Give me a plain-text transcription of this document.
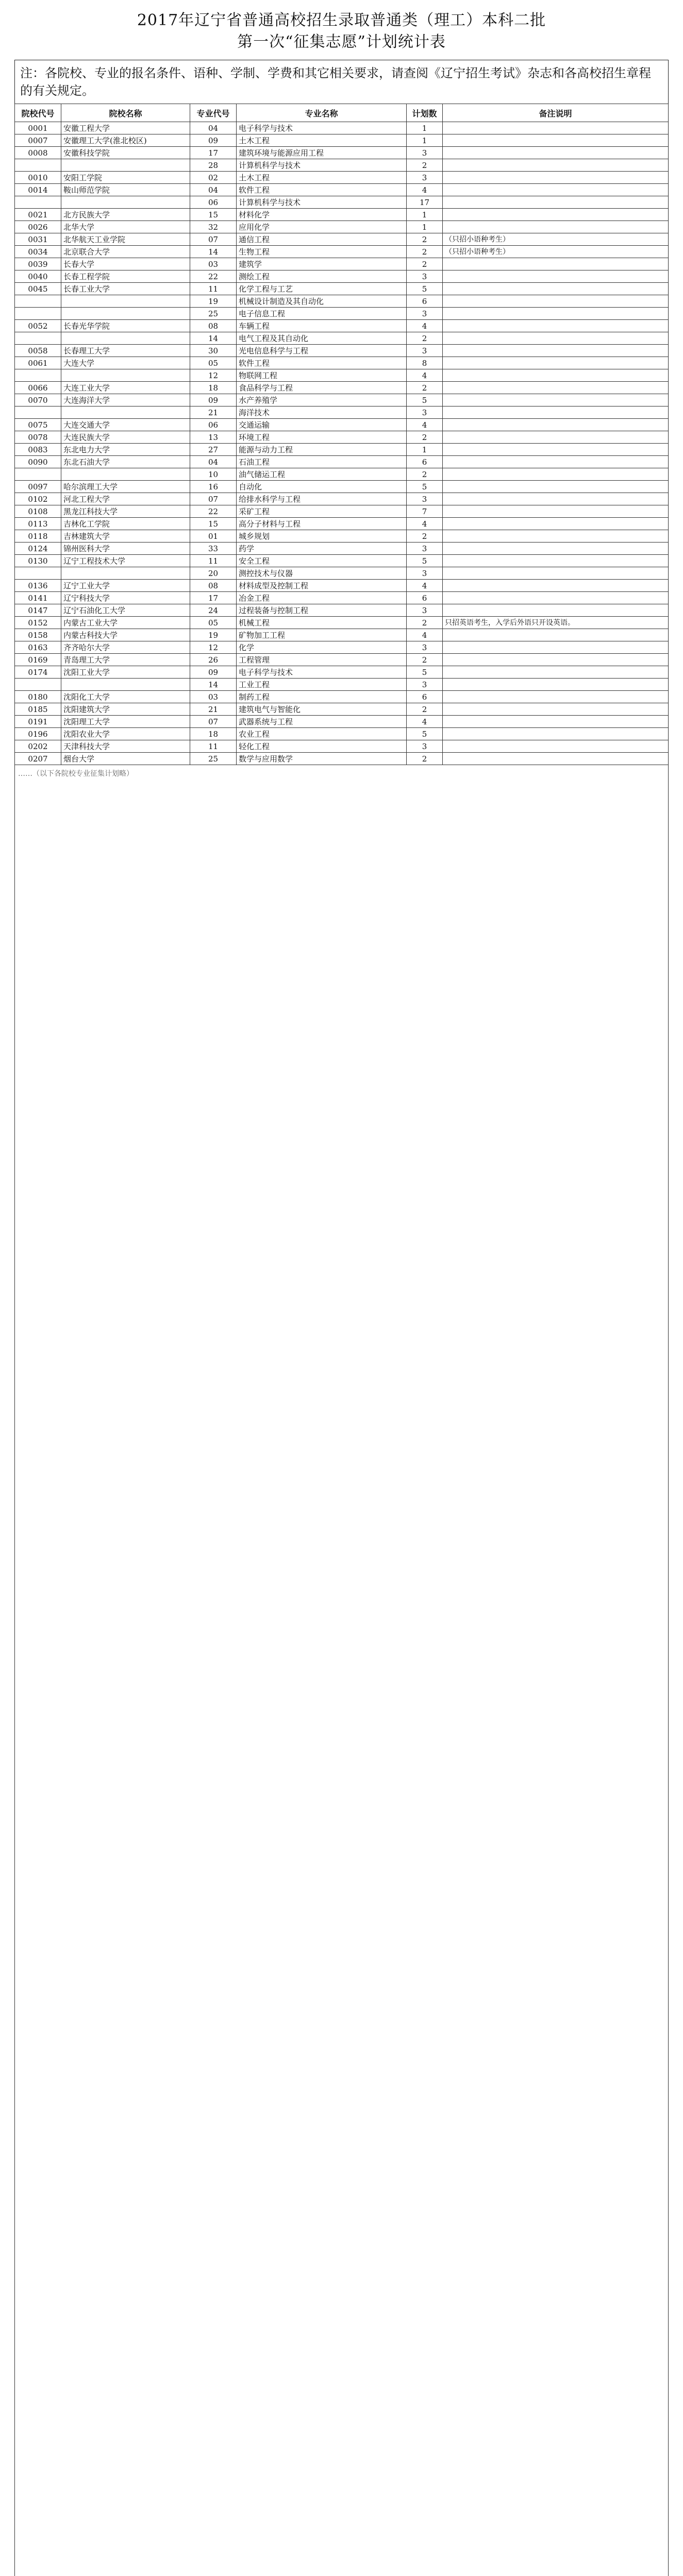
2017年辽宁省普通高校招生录取普通类（理工）本科二批
第一次“征集志愿”计划统计表
注：各院校、专业的报名条件、语种、学制、学费和其它相关要求，请查阅《辽宁招生考试》杂志和各高校招生章程的有关规定。
院校代号	院校名称	专业代号	专业名称	计划数	备注说明
0001	安徽工程大学	04	电子科学与技术	1	
0007	安徽理工大学(淮北校区)	09	土木工程	1	
0008	安徽科技学院	17	建筑环境与能源应用工程	3	
		28	计算机科学与技术	2	
0010	安阳工学院	02	土木工程	3	
0014	鞍山师范学院	04	软件工程	4	
		06	计算机科学与技术	17	
0021	北方民族大学	15	材料化学	1	
0026	北华大学	32	应用化学	1	
0031	北华航天工业学院	07	通信工程	2	（只招小语种考生）
0034	北京联合大学	14	生物工程	2	（只招小语种考生）
0039	长春大学	03	建筑学	2	
0040	长春工程学院	22	测绘工程	3	
0045	长春工业大学	11	化学工程与工艺	5	
		19	机械设计制造及其自动化	6	
		25	电子信息工程	3	
0052	长春光华学院	08	车辆工程	4	
		14	电气工程及其自动化	2	
0058	长春理工大学	30	光电信息科学与工程	3	
0061	大连大学	05	软件工程	8	
		12	物联网工程	4	
0066	大连工业大学	18	食品科学与工程	2	
0070	大连海洋大学	09	水产养殖学	5	
		21	海洋技术	3	
0075	大连交通大学	06	交通运输	4	
0078	大连民族大学	13	环境工程	2	
0083	东北电力大学	27	能源与动力工程	1	
0090	东北石油大学	04	石油工程	6	
		10	油气储运工程	2	
0097	哈尔滨理工大学	16	自动化	5	
0102	河北工程大学	07	给排水科学与工程	3	
0108	黑龙江科技大学	22	采矿工程	7	
0113	吉林化工学院	15	高分子材料与工程	4	
0118	吉林建筑大学	01	城乡规划	2	
0124	锦州医科大学	33	药学	3	
0130	辽宁工程技术大学	11	安全工程	5	
		20	测控技术与仪器	3	
0136	辽宁工业大学	08	材料成型及控制工程	4	
0141	辽宁科技大学	17	冶金工程	6	
0147	辽宁石油化工大学	24	过程装备与控制工程	3	
0152	内蒙古工业大学	05	机械工程	2	只招英语考生，入学后外语只开设英语。
0158	内蒙古科技大学	19	矿物加工工程	4	
0163	齐齐哈尔大学	12	化学	3	
0169	青岛理工大学	26	工程管理	2	
0174	沈阳工业大学	09	电子科学与技术	5	
		14	工业工程	3	
0180	沈阳化工大学	03	制药工程	6	
0185	沈阳建筑大学	21	建筑电气与智能化	2	
0191	沈阳理工大学	07	武器系统与工程	4	
0196	沈阳农业大学	18	农业工程	5	
0202	天津科技大学	11	轻化工程	3	
0207	烟台大学	25	数学与应用数学	2	
……（以下各院校专业征集计划略）					
